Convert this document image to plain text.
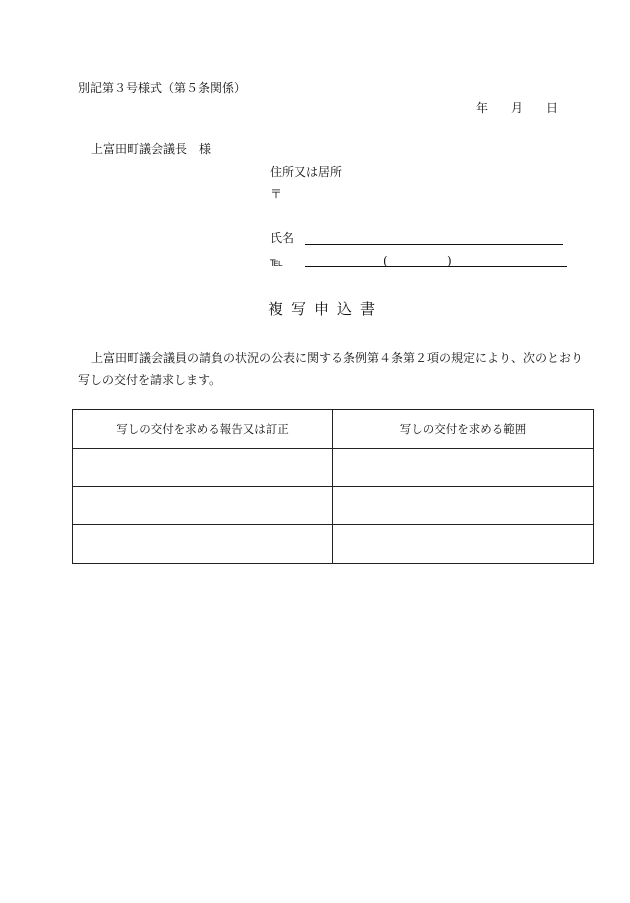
別記第３号様式（第５条関係）
年 月 日
上富田町議会議長　様
住所又は居所
〒
氏名
℡	(	)
複写申込書
上富田町議会議員の請負の状況の公表に関する条例第４条第２項の規定により、次のとおり
写しの交付を請求します。
写しの交付を求める報告又は訂正	写しの交付を求める範囲
